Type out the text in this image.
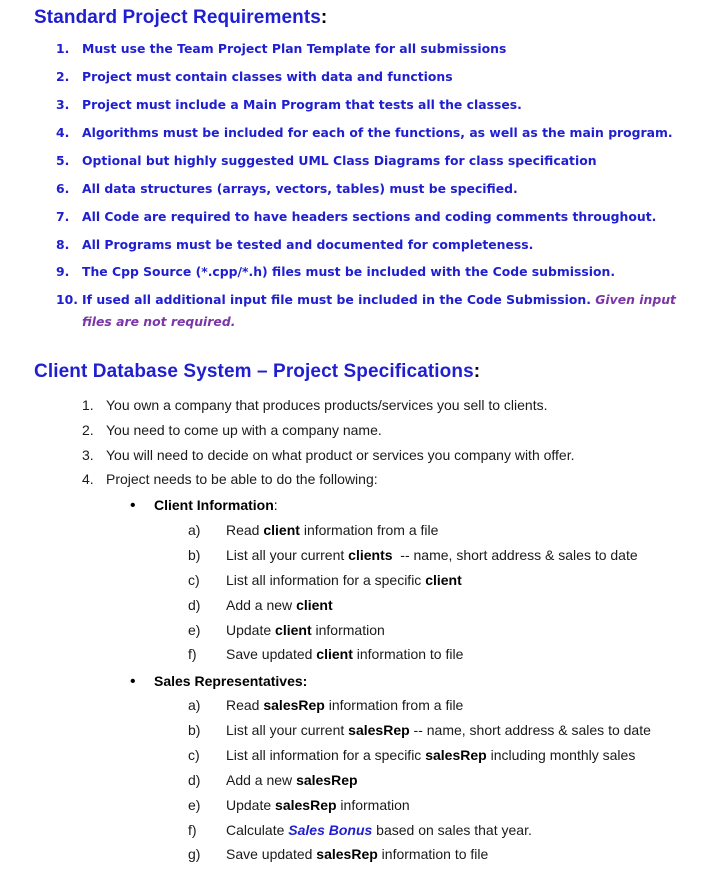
Standard Project Requirements:
1. Must use the Team Project Plan Template for all submissions
2. Project must contain classes with data and functions
3. Project must include a Main Program that tests all the classes.
4. Algorithms must be included for each of the functions, as well as the main program.
5. Optional but highly suggested UML Class Diagrams for class specification
6. All data structures (arrays, vectors, tables) must be specified.
7. All Code are required to have headers sections and coding comments throughout.
8. All Programs must be tested and documented for completeness.
9. The Cpp Source (*.cpp/*.h) files must be included with the Code submission.
10. If used all additional input file must be included in the Code Submission. Given input
files are not required.
Client Database System – Project Specifications:
1. You own a company that produces products/services you sell to clients.
2. You need to come up with a company name.
3. You will need to decide on what product or services you company with offer.
4. Project needs to be able to do the following:
• Client Information:
a) Read client information from a file
b) List all your current clients  -- name, short address & sales to date
c) List all information for a specific client
d) Add a new client
e) Update client information
f) Save updated client information to file
• Sales Representatives:
a) Read salesRep information from a file
b) List all your current salesRep -- name, short address & sales to date
c) List all information for a specific salesRep including monthly sales
d) Add a new salesRep
e) Update salesRep information
f) Calculate Sales Bonus based on sales that year.
g) Save updated salesRep information to file
